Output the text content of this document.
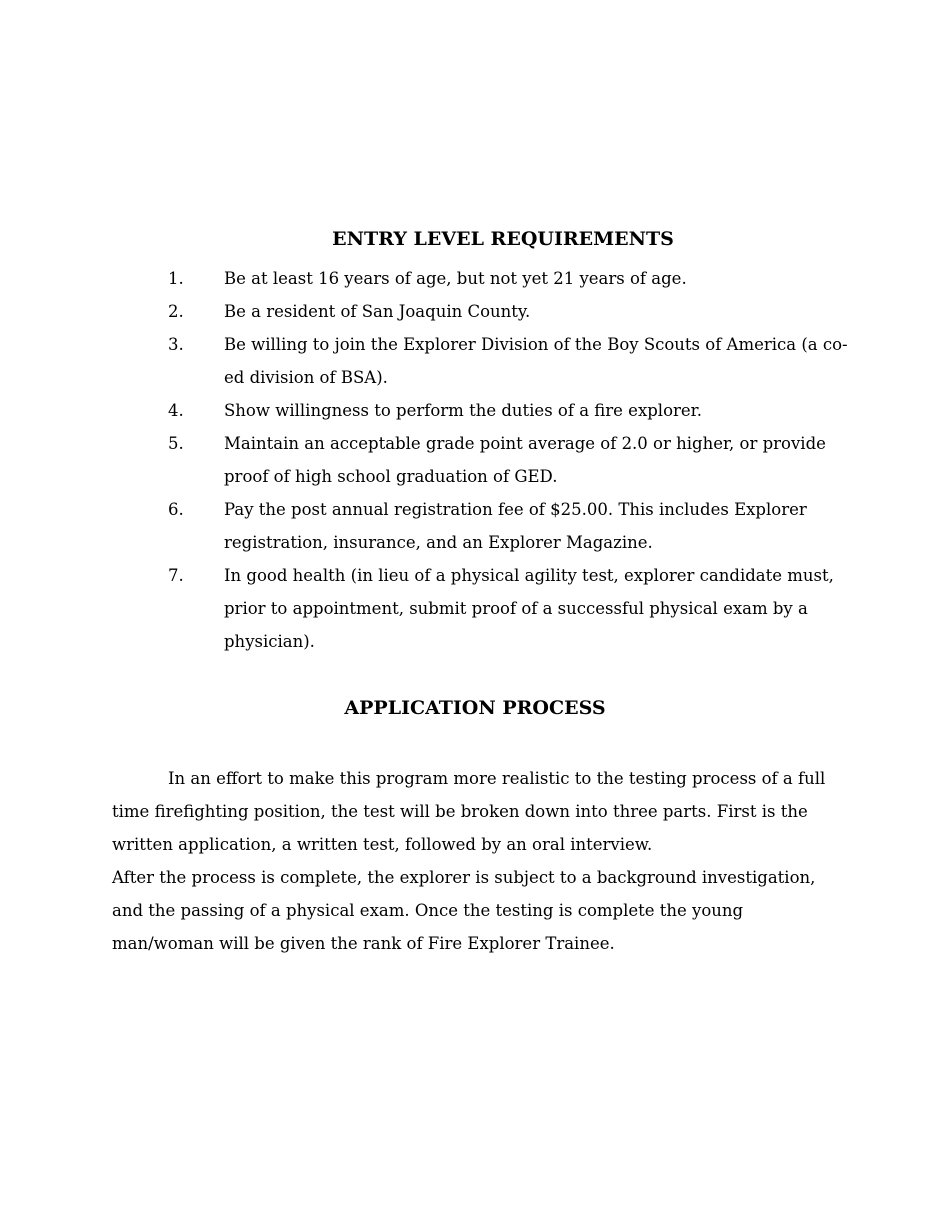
ENTRY LEVEL REQUIREMENTS
1.	Be at least 16 years of age, but not yet 21 years of age.
2.	Be a resident of San Joaquin County.
3.	Be willing to join the Explorer Division of the Boy Scouts of America (a co-ed division of BSA).
4.	Show willingness to perform the duties of a fire explorer.
5.	Maintain an acceptable grade point average of 2.0 or higher, or provide proof of high school graduation of GED.
6.	Pay the post annual registration fee of $25.00. This includes Explorer registration, insurance, and an Explorer Magazine.
7.	In good health (in lieu of a physical agility test, explorer candidate must, prior to appointment, submit proof of a successful physical exam by a physician).
APPLICATION PROCESS

In an effort to make this program more realistic to the testing process of a full time firefighting position, the test will be broken down into three parts. First is the written application, a written test, followed by an oral interview.

After the process is complete, the explorer is subject to a background investigation, and the passing of a physical exam. Once the testing is complete the young man/woman will be given the rank of Fire Explorer Trainee.
